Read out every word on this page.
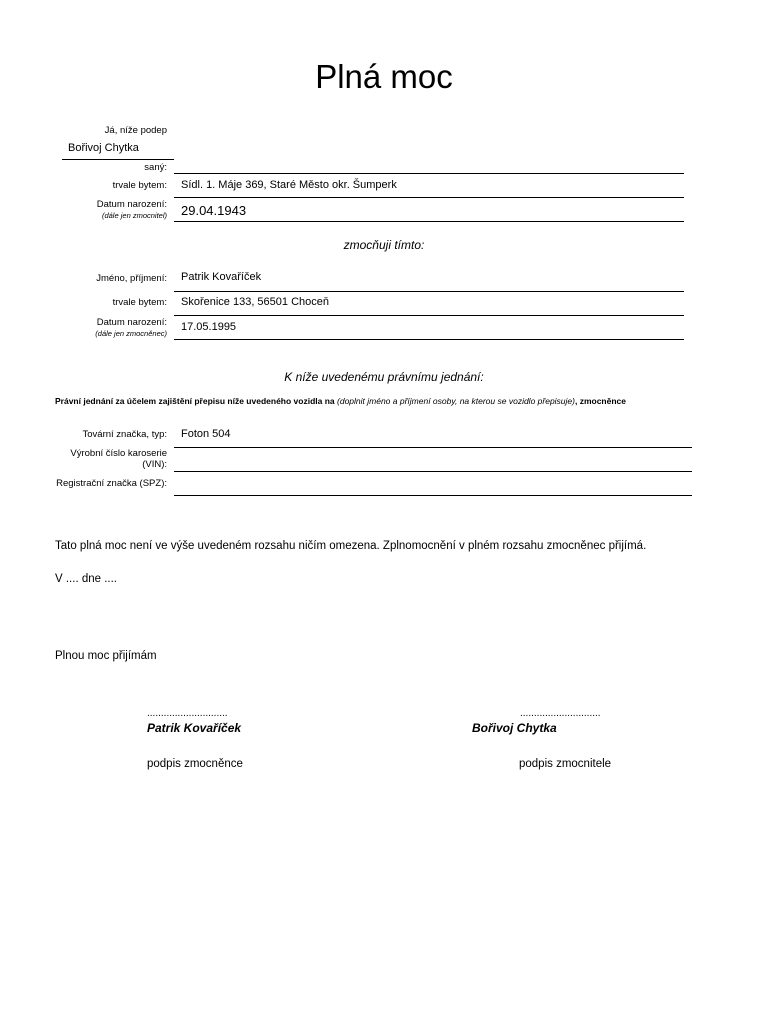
Plná moc
Já, níže podep
Bořivoj Chytka
saný:
trvale bytem: Sídl. 1. Máje 369, Staré Město okr. Šumperk
Datum narození:
(dále jen zmocnitel) 29.04.1943
zmocňuji tímto:
Jméno, příjmení: Patrik Kovaříček
trvale bytem: Skořenice 133, 56501 Choceň
Datum narození:
(dále jen zmocněnec)
17.05.1995
K níže uvedenému právnímu jednání:
Právní jednání za účelem zajištění přepisu níže uvedeného vozidla na (doplnit jméno a příjmení osoby, na kterou se vozidlo přepisuje), zmocněnce
Tovární značka, typ: Foton 504
Výrobní číslo karoserie
(VIN):
Registrační značka (SPZ):
Tato plná moc není ve výše uvedeném rozsahu ničím omezena. Zplnomocnění v plném rozsahu zmocněnec přijímá.
V .... dne ....
Plnou moc přijímám
.............................
Patrik Kovaříček
podpis zmocněnce
.............................
Bořivoj Chytka
podpis zmocnitele
